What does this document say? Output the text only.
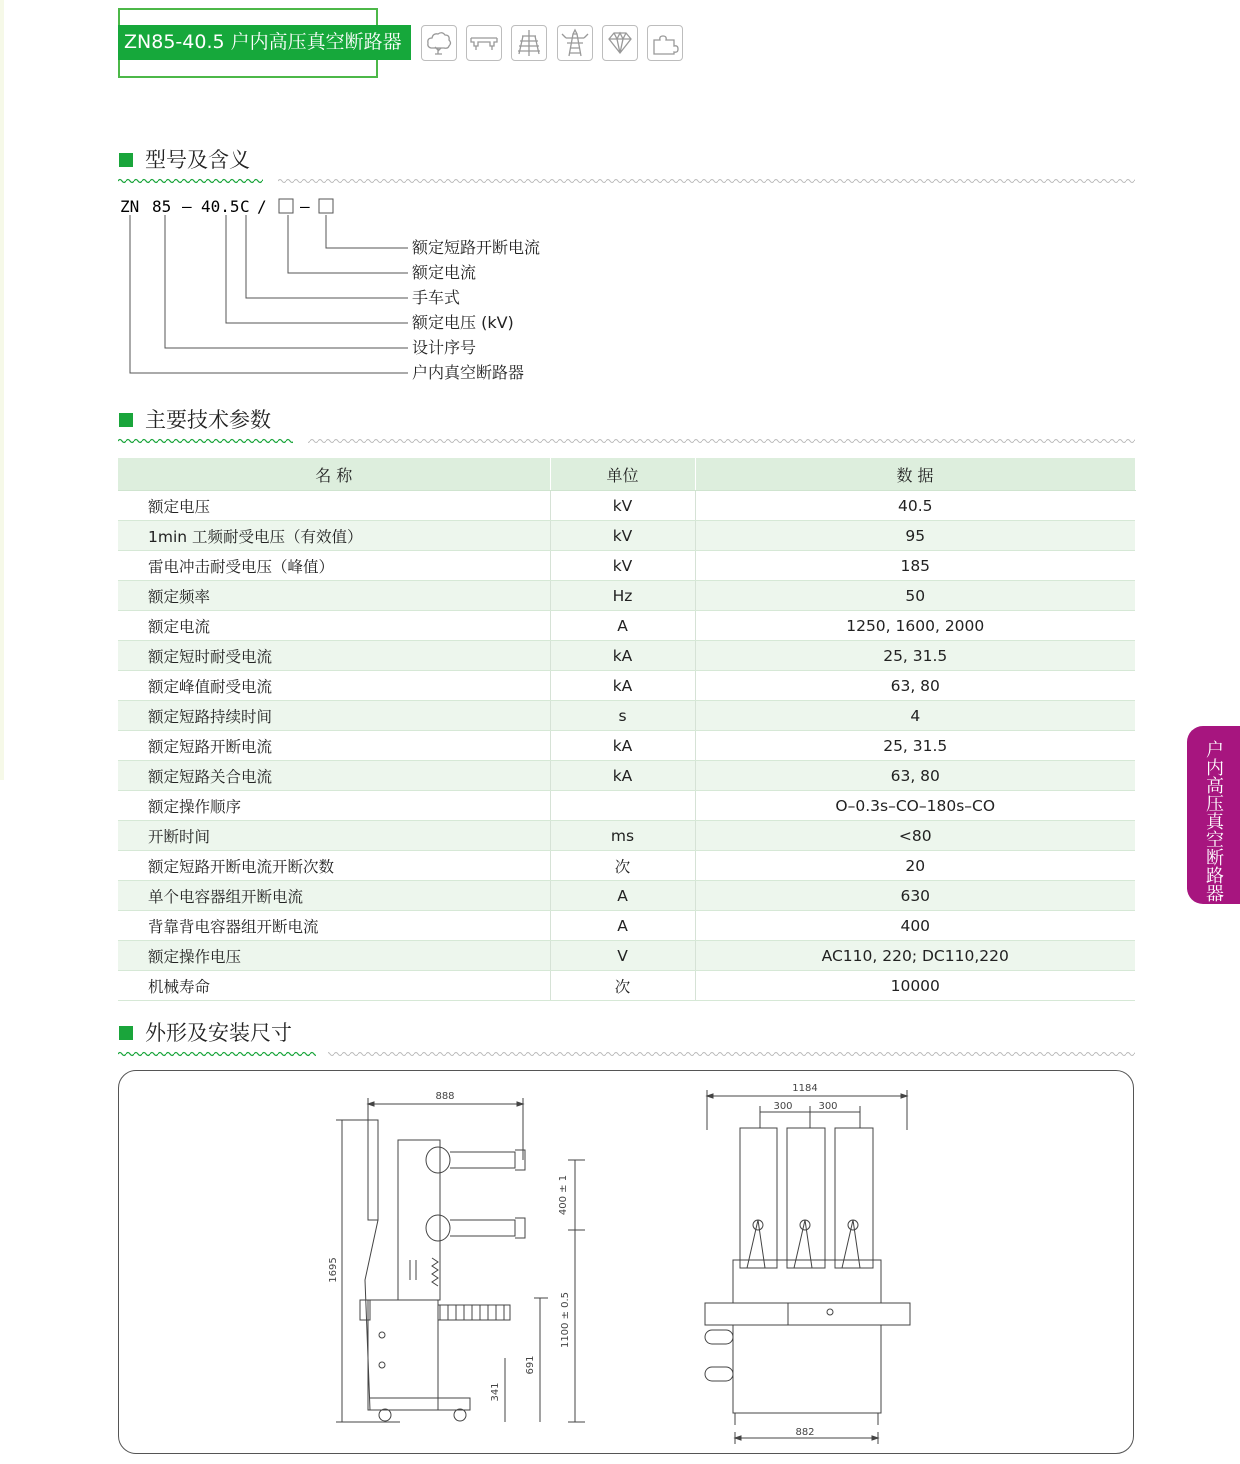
ZN85-40.5 户内高压真空断路器
型号及含义
ZN 85 – 40.5 C / –
额定短路开断电流
额定电流
手车式
额定电压 (kV)
设计序号
户内真空断路器
主要技术参数
名 称	单位	数 据
额定电压	kV	40.5
1min 工频耐受电压（有效值）	kV	95
雷电冲击耐受电压（峰值）	kV	185
额定频率	Hz	50
额定电流	A	1250, 1600, 2000
额定短时耐受电流	kA	25, 31.5
额定峰值耐受电流	kA	63, 80
额定短路持续时间	s	4
额定短路开断电流	kA	25, 31.5
额定短路关合电流	kA	63, 80
额定操作顺序		O–0.3s–CO–180s–CO
开断时间	ms	<80
额定短路开断电流开断次数	次	20
单个电容器组开断电流	A	630
背靠背电容器组开断电流	A	400
额定操作电压	V	AC110, 220; DC110,220
机械寿命	次	10000
外形及安装尺寸
888
1695
400 ± 1
1100 ± 0.5
691
341
1184
300	300
882
户内高压真空断路器
